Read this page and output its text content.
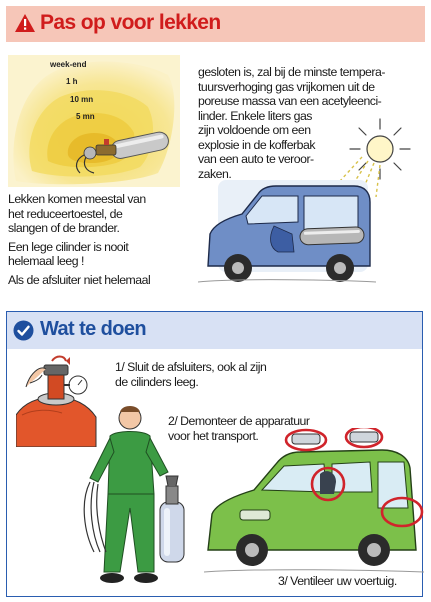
Pas op voor lekken
week-end
1 h
10 mn
5 mn
Lekken komen meestal van
het reduceertoestel, de
slangen of de brander.
Een lege cilinder is nooit
helemaal leeg !
Als de afsluiter niet helemaal
gesloten is, zal bij de minste tempera-
tuursverhoging gas vrijkomen uit de
poreuse massa van een acetyleenci-
linder. Enkele liters gas
zijn voldoende om een
explosie in de kofferbak
van een auto te veroor-
zaken.
Wat te doen
1/ Sluit de afsluiters, ook al zijn
de cilinders leeg.
2/ Demonteer de apparatuur
voor het transport.
3/ Ventileer uw voertuig.
